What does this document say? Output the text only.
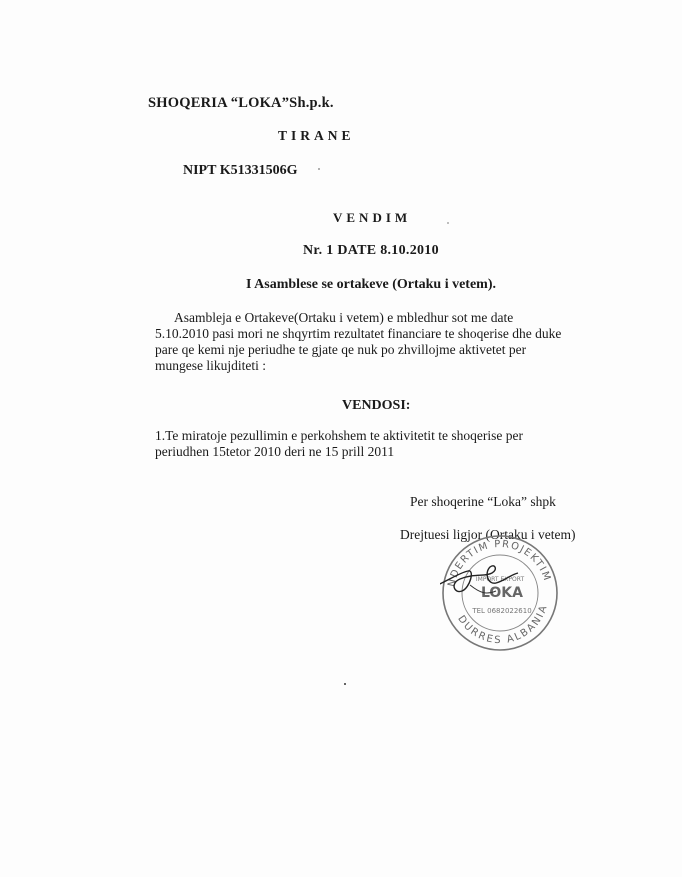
SHOQERIA “LOKA”Sh.p.k.
TIRANE
NIPT K51331506G
VENDIM
Nr. 1 DATE 8.10.2010
I Asamblese se ortakeve (Ortaku i vetem).
Asambleja e Ortakeve(Ortaku i vetem) e mbledhur sot me date
5.10.2010 pasi mori ne shqyrtim rezultatet financiare te shoqerise dhe duke
pare qe kemi nje periudhe te gjate qe nuk po zhvillojme aktivetet per
mungese likujditeti :
VENDOSI:
1.Te miratoje pezullimin e perkohshem te aktivitetit te shoqerise per
periudhen 15tetor 2010 deri ne 15 prill 2011
Per shoqerine “Loka” shpk
Drejtuesi ligjor (Ortaku i vetem)
NDERTIM PROJEKTIM
DURRES ALBANIA
IMPORT EXPORT
LOKA
TEL 0682022610
